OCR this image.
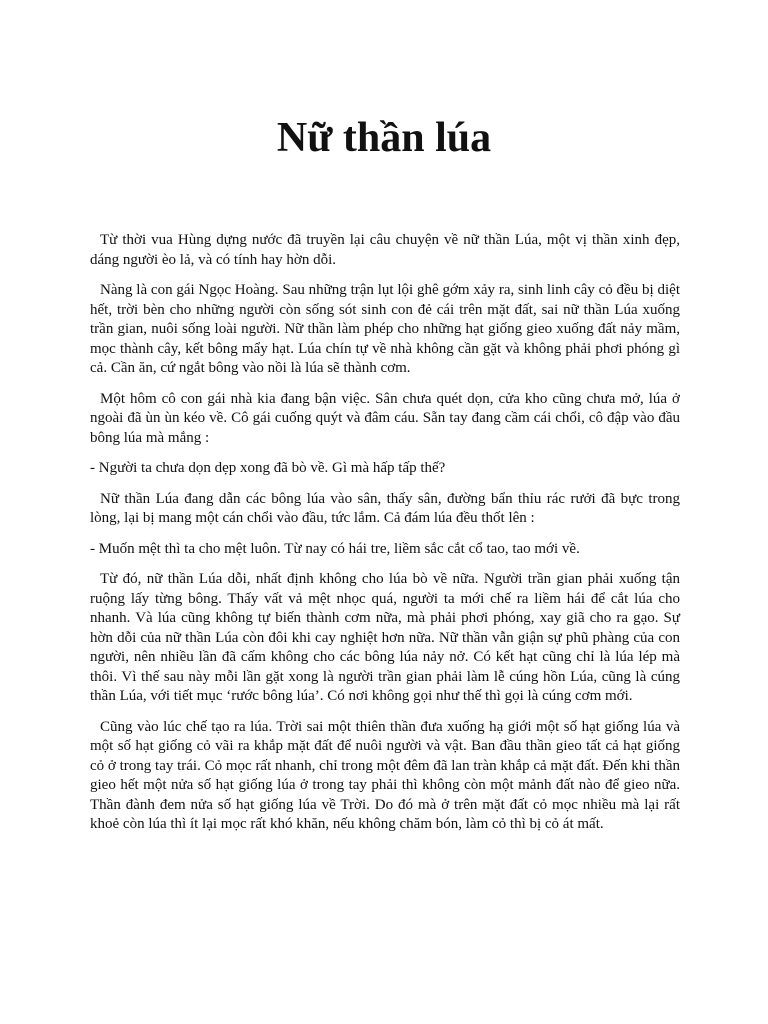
Nữ thần lúa

Từ thời vua Hùng dựng nước đã truyền lại câu chuyện về nữ thần Lúa, một vị thần xinh đẹp, dáng người èo lả, và có tính hay hờn dỗi.

Nàng là con gái Ngọc Hoàng. Sau những trận lụt lội ghê gớm xảy ra, sinh linh cây cỏ đều bị diệt hết, trời bèn cho những người còn sống sót sinh con đẻ cái trên mặt đất, sai nữ thần Lúa xuống trần gian, nuôi sống loài người. Nữ thần làm phép cho những hạt giống gieo xuống đất nảy mầm, mọc thành cây, kết bông mẩy hạt. Lúa chín tự về nhà không cần gặt và không phải phơi phóng gì cả. Cần ăn, cứ ngắt bông vào nồi là lúa sẽ thành cơm.

Một hôm cô con gái nhà kia đang bận việc. Sân chưa quét dọn, cửa kho cũng chưa mở, lúa ở ngoài đã ùn ùn kéo về. Cô gái cuống quýt và đâm cáu. Sẵn tay đang cầm cái chổi, cô đập vào đầu bông lúa mà mắng :

- Người ta chưa dọn dẹp xong đã bò về. Gì mà hấp tấp thế?

Nữ thần Lúa đang dẫn các bông lúa vào sân, thấy sân, đường bẩn thỉu rác rưởi đã bực trong lòng, lại bị mang một cán chổi vào đầu, tức lắm. Cả đám lúa đều thốt lên :

- Muốn mệt thì ta cho mệt luôn. Từ nay có hái tre, liềm sắc cắt cổ tao, tao mới về.

Từ đó, nữ thần Lúa dỗi, nhất định không cho lúa bò về nữa. Người trần gian phải xuống tận ruộng lấy từng bông. Thấy vất vả mệt nhọc quá, người ta mới chế ra liềm hái để cắt lúa cho nhanh. Và lúa cũng không tự biến thành cơm nữa, mà phải phơi phóng, xay giã cho ra gạo. Sự hờn dỗi của nữ thần Lúa còn đôi khi cay nghiệt hơn nữa. Nữ thần vẫn giận sự phũ phàng của con người, nên nhiều lần đã cấm không cho các bông lúa nảy nở. Có kết hạt cũng chỉ là lúa lép mà thôi. Vì thế sau này mỗi lần gặt xong là người trần gian phải làm lễ cúng hồn Lúa, cũng là cúng thần Lúa, với tiết mục ‘rước bông lúa’. Có nơi không gọi như thế thì gọi là cúng cơm mới.

Cũng vào lúc chế tạo ra lúa. Trời sai một thiên thần đưa xuống hạ giới một số hạt giống lúa và một số hạt giống cỏ vãi ra khắp mặt đất để nuôi người và vật. Ban đầu thần gieo tất cả hạt giống cỏ ở trong tay trái. Cỏ mọc rất nhanh, chỉ trong một đêm đã lan tràn khắp cả mặt đất. Đến khi thần gieo hết một nửa số hạt giống lúa ở trong tay phải thì không còn một mảnh đất nào để gieo nữa. Thần đành đem nửa số hạt giống lúa về Trời. Do đó mà ở trên mặt đất cỏ mọc nhiều mà lại rất khoẻ còn lúa thì ít lại mọc rất khó khăn, nếu không chăm bón, làm cỏ thì bị cỏ át mất.
